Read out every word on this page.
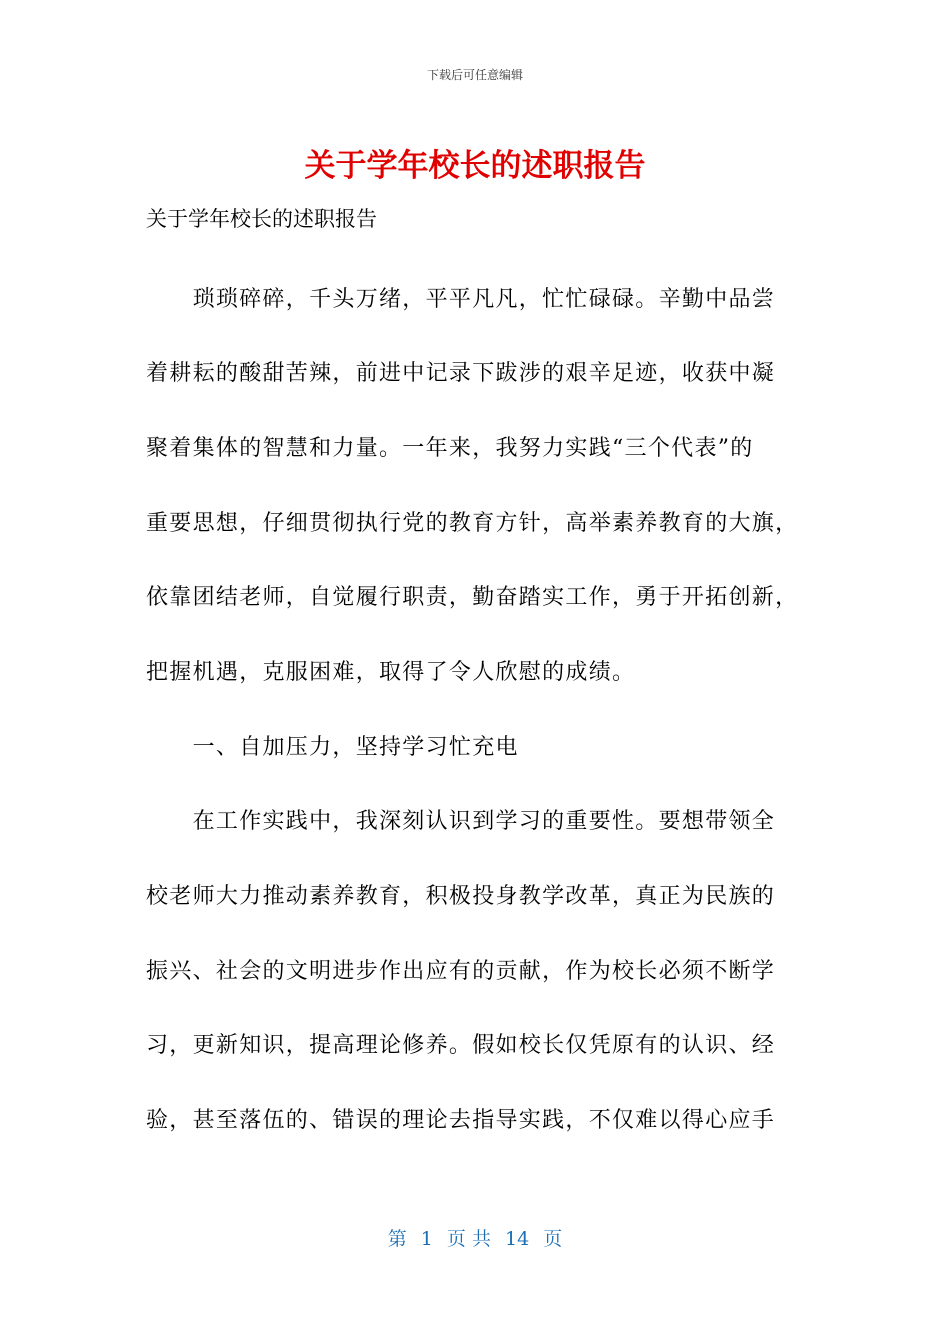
下载后可任意编辑
关于学年校长的述职报告
关于学年校长的述职报告
　　琐琐碎碎，千头万绪，平平凡凡，忙忙碌碌。辛勤中品尝
着耕耘的酸甜苦辣，前进中记录下跋涉的艰辛足迹，收获中凝
聚着集体的智慧和力量。一年来，我努力实践“三个代表”的
重要思想，仔细贯彻执行党的教育方针，高举素养教育的大旗，
依靠团结老师，自觉履行职责，勤奋踏实工作，勇于开拓创新，
把握机遇，克服困难，取得了令人欣慰的成绩。
　　一、自加压力，坚持学习忙充电
　　在工作实践中，我深刻认识到学习的重要性。要想带领全
校老师大力推动素养教育，积极投身教学改革，真正为民族的
振兴、社会的文明进步作出应有的贡献，作为校长必须不断学
习，更新知识，提高理论修养。假如校长仅凭原有的认识、经
验，甚至落伍的、错误的理论去指导实践，不仅难以得心应手
第 1 页 共 14 页
